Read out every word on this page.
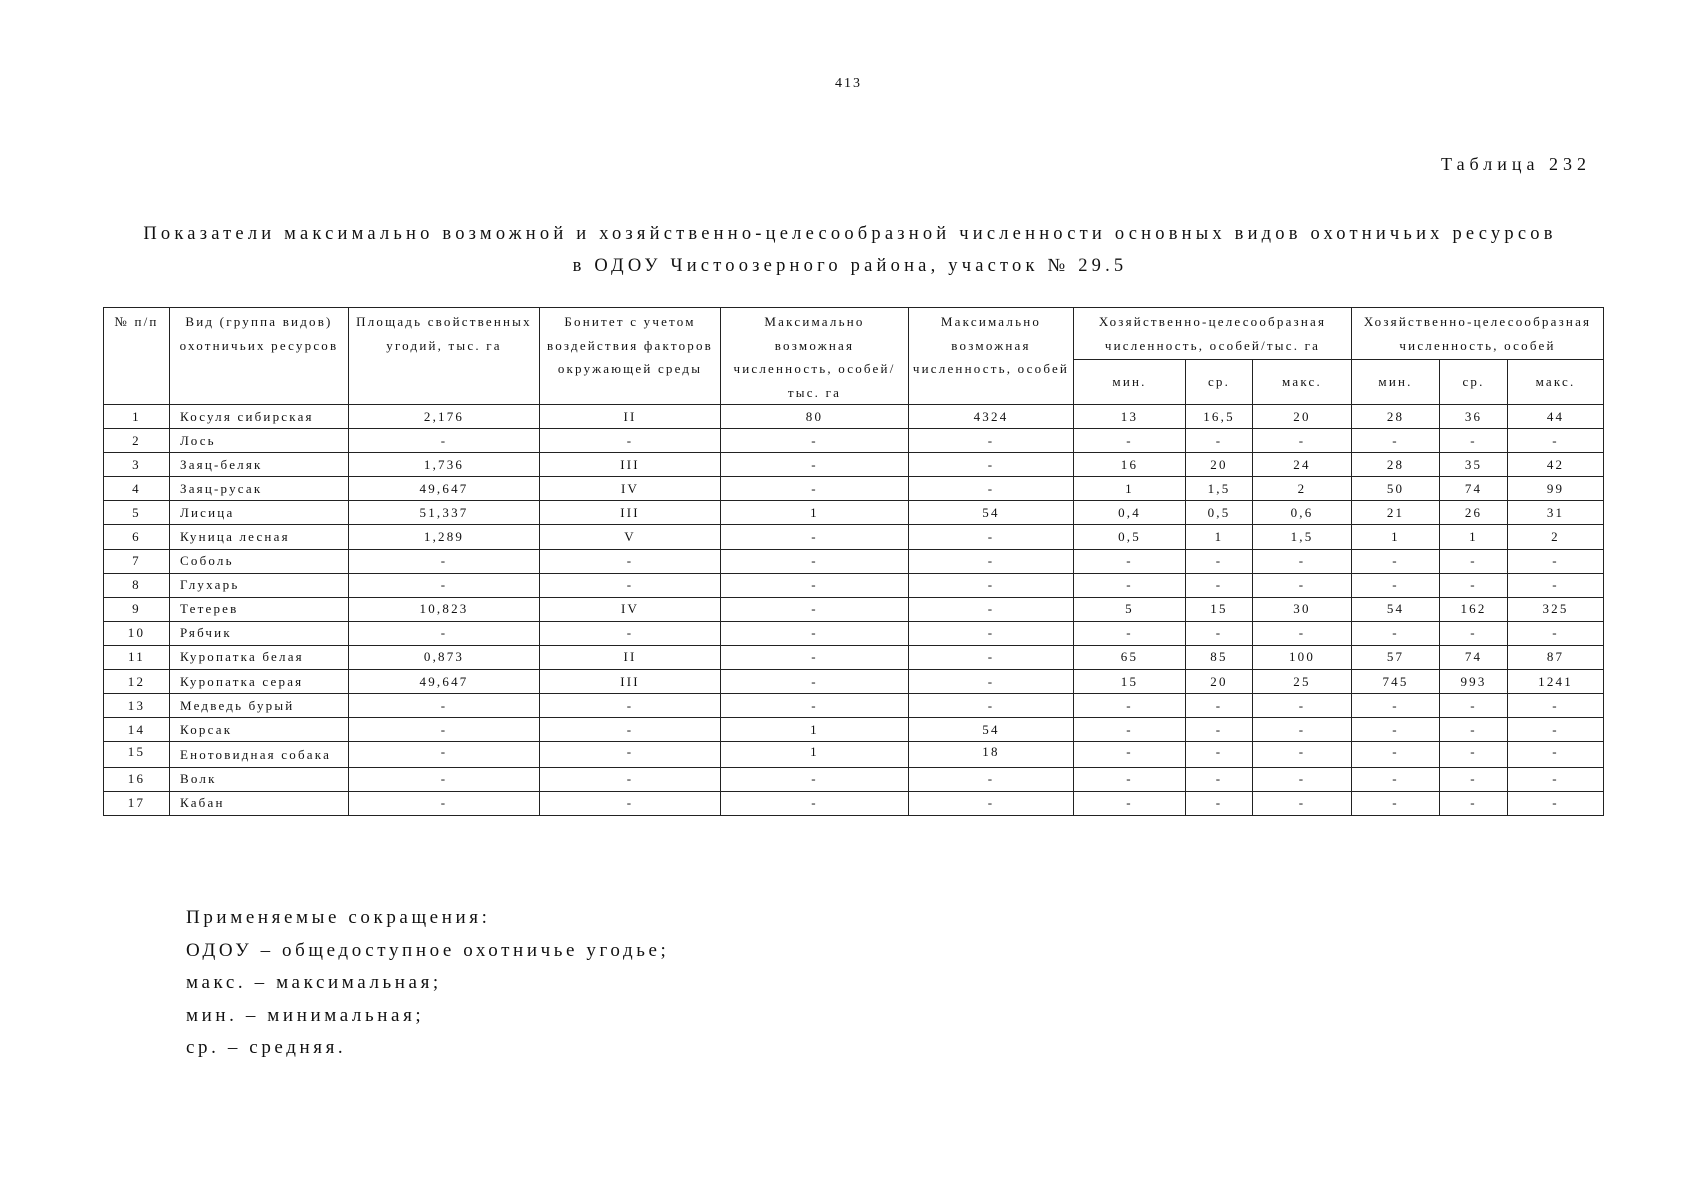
413
Таблица 232
Показатели максимально возможной и хозяйственно-целесообразной численности основных видов охотничьих ресурсов
в ОДОУ Чистоозерного района, участок № 29.5
№ п/п	Вид (группа видов) охотничьих ресурсов	Площадь свойственных угодий, тыс. га	Бонитет с учетом воздействия факторов окружающей среды	Максимально возможная численность, особей/тыс. га	Максимально возможная численность, особей	Хозяйственно-целесообразная численность, особей/тыс. га			Хозяйственно-целесообразная численность, особей		
						мин.	ср.	макс.	мин.	ср.	макс.
1	Косуля сибирская	2,176	II	80	4324	13	16,5	20	28	36	44
2	Лось	-	-	-	-	-	-	-	-	-	-
3	Заяц-беляк	1,736	III	-	-	16	20	24	28	35	42
4	Заяц-русак	49,647	IV	-	-	1	1,5	2	50	74	99
5	Лисица	51,337	III	1	54	0,4	0,5	0,6	21	26	31
6	Куница лесная	1,289	V	-	-	0,5	1	1,5	1	1	2
7	Соболь	-	-	-	-	-	-	-	-	-	-
8	Глухарь	-	-	-	-	-	-	-	-	-	-
9	Тетерев	10,823	IV	-	-	5	15	30	54	162	325
10	Рябчик	-	-	-	-	-	-	-	-	-	-
11	Куропатка белая	0,873	II	-	-	65	85	100	57	74	87
12	Куропатка серая	49,647	III	-	-	15	20	25	745	993	1241
13	Медведь бурый	-	-	-	-	-	-	-	-	-	-
14	Корсак	-	-	1	54	-	-	-	-	-	-
15	Енотовидная собака	-	-	1	18	-	-	-	-	-	-
16	Волк	-	-	-	-	-	-	-	-	-	-
17	Кабан	-	-	-	-	-	-	-	-	-	-
Применяемые сокращения:
ОДОУ – общедоступное охотничье угодье;
макс. – максимальная;
мин. – минимальная;
ср. – средняя.
